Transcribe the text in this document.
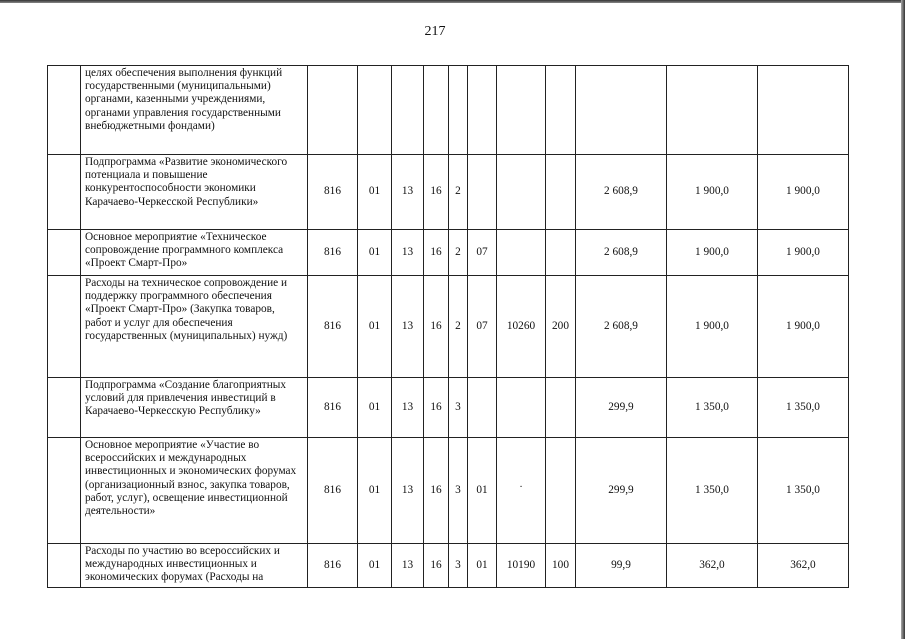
217
	целях обеспечения выполнения функций государственными (муниципальными) органами, казенными учреждениями, органами управления государственными внебюджетными фондами)											
	Подпрограмма «Развитие экономического потенциала и повышение конкурентоспособности экономики Карачаево-Черкесской Республики»	816	01	13	16	2				2 608,9	1 900,0	1 900,0
	Основное мероприятие «Техническое сопровождение программного комплекса «Проект Смарт-Про»	816	01	13	16	2	07			2 608,9	1 900,0	1 900,0
	Расходы на техническое сопровождение и поддержку программного обеспечения «Проект Смарт-Про» (Закупка товаров, работ и услуг для обеспечения государственных (муниципальных) нужд)	816	01	13	16	2	07	10260	200	2 608,9	1 900,0	1 900,0
	Подпрограмма «Создание благоприятных условий для привлечения инвестиций в Карачаево-Черкесскую Республику»	816	01	13	16	3				299,9	1 350,0	1 350,0
	Основное мероприятие «Участие во всероссийских и международных инвестиционных и экономических форумах (организационный взнос, закупка товаров, работ, услуг), освещение инвестиционной деятельности»	816	01	13	16	3	01	·		299,9	1 350,0	1 350,0
	Расходы по участию во всероссийских и международных инвестиционных и экономических форумах (Расходы на	816	01	13	16	3	01	10190	100	99,9	362,0	362,0
